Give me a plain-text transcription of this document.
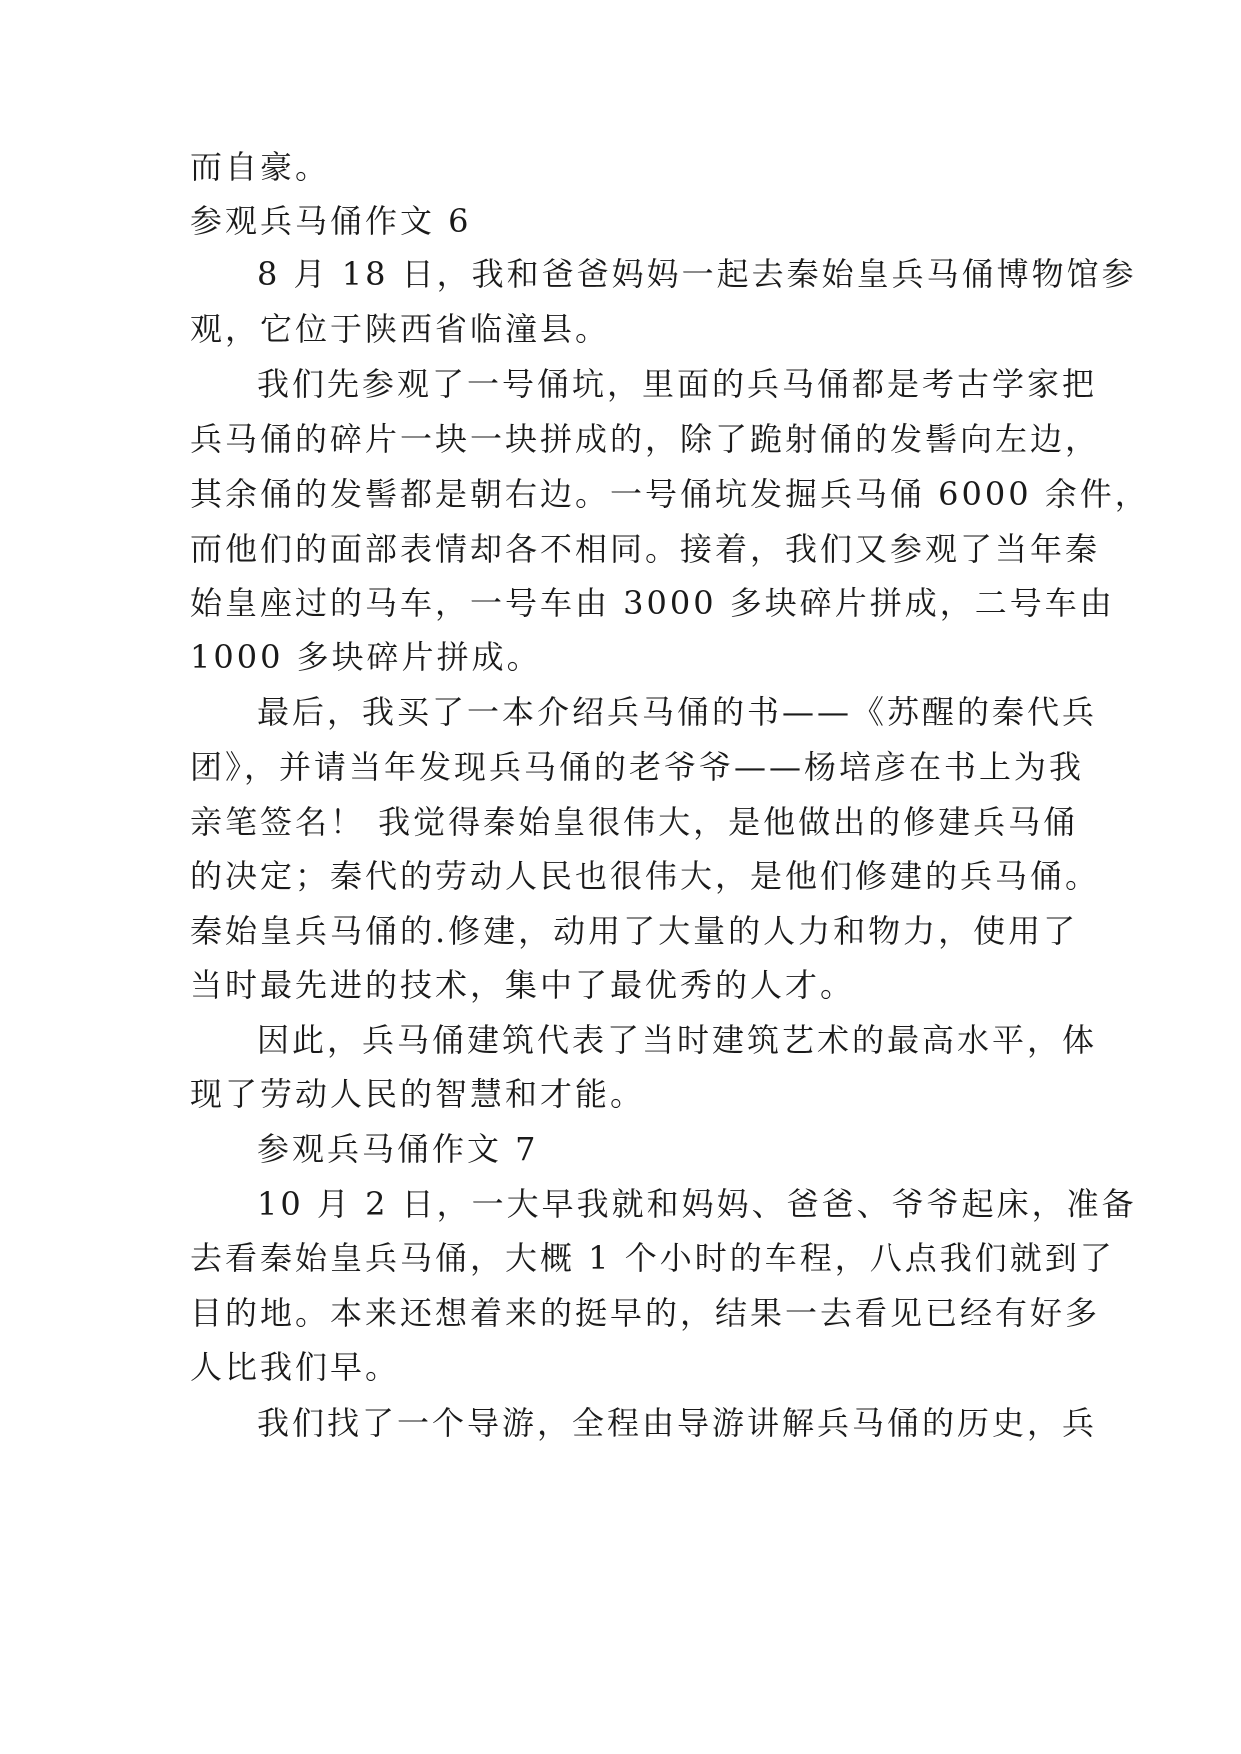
而自豪。
参观兵马俑作文 6
8 月 18 日，我和爸爸妈妈一起去秦始皇兵马俑博物馆参
观，它位于陕西省临潼县。
我们先参观了一号俑坑，里面的兵马俑都是考古学家把
兵马俑的碎片一块一块拼成的，除了跪射俑的发髻向左边，
其余俑的发髻都是朝右边。一号俑坑发掘兵马俑 6000 余件，
而他们的面部表情却各不相同。接着，我们又参观了当年秦
始皇座过的马车，一号车由 3000 多块碎片拼成，二号车由
1000 多块碎片拼成。
最后，我买了一本介绍兵马俑的书——《苏醒的秦代兵
团》，并请当年发现兵马俑的老爷爷——杨培彦在书上为我
亲笔签名！ 我觉得秦始皇很伟大，是他做出的修建兵马俑
的决定；秦代的劳动人民也很伟大，是他们修建的兵马俑。
秦始皇兵马俑的.修建，动用了大量的人力和物力，使用了
当时最先进的技术，集中了最优秀的人才。
因此，兵马俑建筑代表了当时建筑艺术的最高水平，体
现了劳动人民的智慧和才能。
参观兵马俑作文 7
10 月 2 日，一大早我就和妈妈、爸爸、爷爷起床，准备
去看秦始皇兵马俑，大概 1 个小时的车程，八点我们就到了
目的地。本来还想着来的挺早的，结果一去看见已经有好多
人比我们早。
我们找了一个导游，全程由导游讲解兵马俑的历史，兵
